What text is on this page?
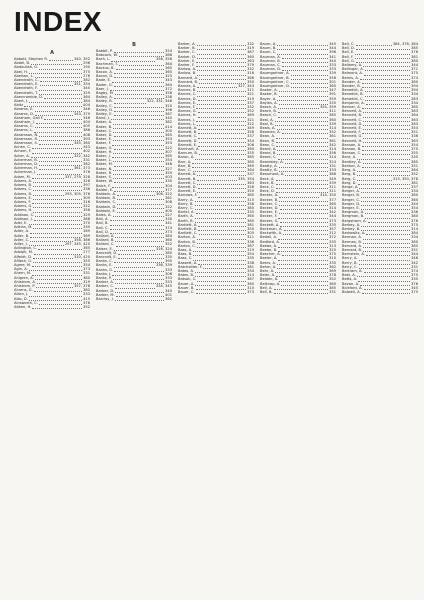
INDEX
A
Abbott, Stephen R.	340, 352
Abdel, B.	296
Abdoullah, G.	190
Abel, H.	375
Abelson, L.	276
Abendroth, C.	382
Abendroth, E.	351, 354
Abendroth, F.	340
Abendroth, T.	329
Abercrombie, D.	364
Abert, J.	384
Abitz	404
Abrams, E.	346
Abrams, D.	343, 379
Abraham, Gail F.	346
Abraham, J.	404
Abrams, C.	405
Abrams, L.	386
Abramson, N.	408
Abramson, R.	393
Abramson, S.	345, 360
Achen, C.	343
Achorn, F.	402
Acker, A.	322, 342
Ackerman, B.	331
Ackerman, D.	362
Ackerman, H.	361, 373
Ackerman, J.	376
Adam, M.	337, 279, 328
Adams, A.	326
Adams, B.	397
Adams, C.	336
Adams, D.	293, 305, 376
Adams, E.	309
Adams, F.	316
Adams, G.	322
Adams, H.	356
Addison, C.	329
Addison, J.	368
Adel, E.	370
Adkins, M.	335
Adler, A.	369
Adler, B.	369
Adler, C.	358, 386
Adler, J.	297, 345, 420
Adlington, C.	365
Adolph, M.	277
Affeldt, D.	310, 420
Aflleck, G.	355
Agree, M.	354
Agin, A.	373
Ahern, M.	331
Ahlgren, A.	380
Ahlstrom, A.	319
Ahlstrom, P.	357, 378
Ahrens, G.	382
Aiken, J.	333
Aiko, D.	415
Ainsworth, C.	376
Aitken, H.	352
B
Babbit, P.	354
Babcock, W.	388
Bach, L.	356, 358
Bachman, T.	364
Backus, B.	365
Bacon, A.	365
Bacon, D.	325
Bade, E.	343
Bader, G.	364
Baer, J.	372
Bagby, M.	358
Bailey, A.	338
Bailey, B.	322, 331, 346
Bailey, C.	320
Bailey, D.	396
Bailey, E.	367
Baird, J.	340
Baker, A.	382
Baker, B.	414
Baker, C.	300
Baker, D.	365
Baker, E.	353
Baker, F.	353
Baker, G.	322
Baker, H.	307
Baker, J.	365
Baker, L.	354
Baker, M.	346
Baker, N.	327
Baker, R.	359
Baker, S.	403
Baker, W.	330
Balch, F.	304
Balder, E.	377
Baldwin, A.	306, 322
Baldwin, B.	361
Baldwin, C.	306
Baldwin, D.	322
Baldwin, E.	400
Bales, A.	327
Ball, A.	330
Ball, B.	341
Ball, C.	374
Ball, D.	373
Ballard, A.	384
Ballard, B.	360
Ballard, C.	352
Balser, E.	316, 324
Bancroft, D.	380
Bancroft, E.	335
Banks, C.	395
Banks, E.	336, 339
Banks, G.	333
Banks, J.	306
Banta, P.	333
Barber, A.	333
Barber, C.	334, 345
Barber, D.	340
Barber, M.	401
Barclay, J.	362
Barker, A.	332
Barker, B.	319
Barker, C.	387
Barker, D.	360
Barker, E.	363
Barker, F.	379
Barlow, A.	332
Barlow, B.	316
Barnard, A.	366
Barnard, B.	350
Barnes, A.	327, 343
Barnes, B.	311
Barnes, C.	321
Barnes, D.	319
Barnes, E.	337
Barnes, F.	332
Barnes, G.	352
Barnes, H.	369
Barnes, J.	321
Barnes, L.	322
Barnett, A.	349
Barnett, B.	358
Barnett, C.	337
Barnett, D.	354
Barnett, E.	306
Barnhart, A.	360
Barnum, B.	335
Baron, A.	385
Barr, A.	380
Barr, B.	369
Barr, C.	364
Barrett, A.	337
Barrett, B.	335, 354
Barrett, C.	363
Barrett, D.	326
Barrett, E.	350
Barrows, F.	380
Barry, A.	315
Barry, B.	358
Barry, C.	380
Bartel, A.	335
Barth, A.	360
Barth, B.	360
Bartlett, A.	381
Bartlett, B.	350
Bartlett, C.	305
Barton, A.	311
Barton, B.	336
Barton, C.	387
Bass, A.	319
Bass, B.	354
Bass, C.	335
Bassett, A.	338
Batchelder, F.	381
Bates, A.	334
Bates, B.	314
Batson, C.	387
Bauer, A.	360
Bauer, B.	310
Bauer, C.	373
Baum, A.	345
Baum, B.	344
Baum, C.	396
Bauman, A.	341
Bauman, B.	340
Bauman, C.	333
Bauman, D.	333
Baumgartner, A.	339
Baumgartner, B.	356
Baumgartner, C.	301
Baumgartner, D.	360
Baxter, A.	347
Baxter, B.	391
Bayer, A.	359
Bayles, A.	335
Beach, A.	354, 359
Beach, B.	311
Beach, C.	365
Beal, A.	360
Beal, B.	339
Beals, A.	314
Beaman, A.	352
Bean, A.	361
Bean, B.	361
Bean, C.	342
Beard, A.	314
Beard, B.	356
Beard, C.	314
Beardsley, A.	324
Beatty, A.	331
Beatty, B.	333
Beaumont, A.	386
Beck, A.	349
Beck, B.	339
Beck, C.	311
Beck, D.	311
Becker, A.	314, 350
Becker, B.	377
Becker, C.	360
Becker, D.	314
Becker, E.	342
Becker, F.	344
Becker, G.	373
Beckett, A.	335
Beckman, A.	357
Beckwith, A.	312
Bedell, A.	372
Bedford, A.	335
Beebe, A.	313
Beebe, B.	325
Beecher, A.	375
Beeler, A.	310
Beers, A.	335
Behm, A.	362
Behr, A.	369
Beier, A.	378
Belden, A.	352
Belknap, A.	360
Bell, A.	385
Bell, B.	331
Bell, C.	384, 378, 384
Bell, D.	385
Bell, E.	376
Bell, F.	381
Bell, G.	380
Bellamy, A.	344
Bellinger, A.	371
Belmont, A.	375
Bemis, A.	374
Bender, A.	380
Bender, B.	394
Benedict, A.	394
Benedict, B.	334
Benedict, C.	383
Benjamin, A.	334
Benner, A.	380
Bennett, A.	383
Bennett, B.	364
Bennett, C.	363
Bennett, D.	383
Bennett, E.	354
Bennett, F.	351
Bennett, G.	336
Bennett, H.	363
Benson, A.	354
Benson, B.	375
Benson, C.	355
Bent, A.	335
Bentley, A.	385
Benton, A.	351
Berg, A.	364
Berg, B.	352
Berg, C.	313, 350, 378
Berg, D.	381
Berge, A.	337
Berger, A.	334
Berger, B.	380
Berger, C.	360
Berger, D.	344
Berger, E.	354
Bergman, A.	336
Bergman, B.	380
Bergstrom, A.	376
Berkey, A.	375
Berkey, B.	314
Berkowitz, A.	384
Berman, A.	334
Berman, B.	380
Bernard, A.	385
Bernard, B.	351
Bernstein, A.	344
Berry, A.	346
Berry, B.	342
Berry, C.	331
Bertram, A.	374
Best, A.	375
Betts, A.	335
Bevan, A.	376
Bickford, A.	345
Bidwell, A.	375
